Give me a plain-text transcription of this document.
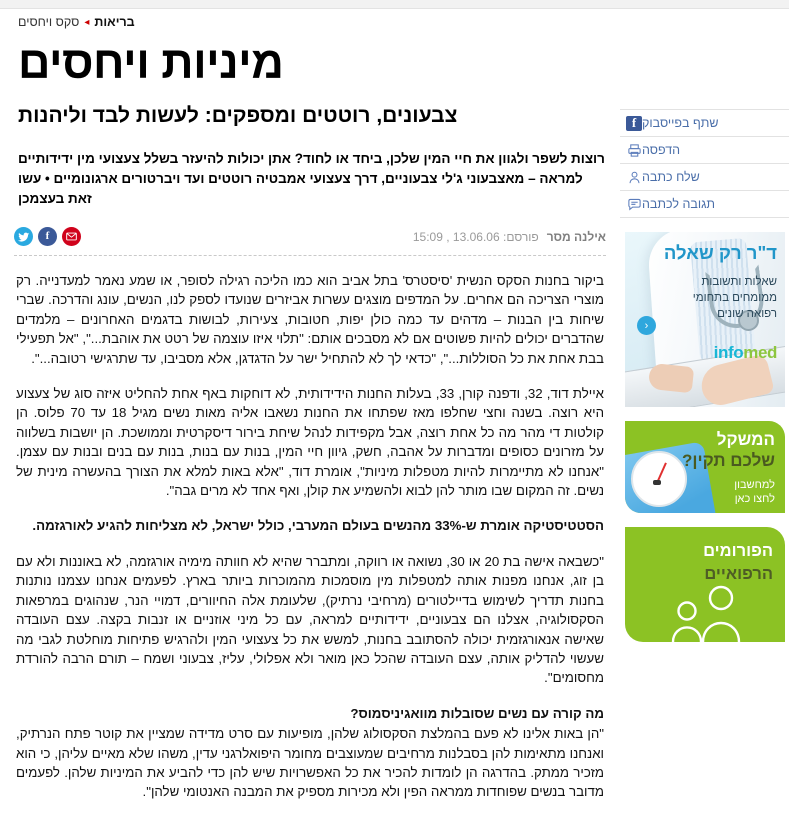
בריאות◂סקס ויחסים
מיניות ויחסים
f שתף בפייסבוק
הדפסה
שלח כתבה
תגובה לכתבה
ד"ר רק שאלה
שאלות ותשובות ממומחים בתחומי רפואה שונים
‹
infomed
המשקל
שלכם תקין?
למחשבון
לחצו כאן
הפורומים
הרפואיים
צבעונים, רוטטים ומספקים: לעשות לבד וליהנות

רוצות לשפר ולגוון את חיי המין שלכן, ביחד או לחוד? אתן יכולות להיעזר בשלל צעצועי מין ידידותיים למראה – מאצבעוני ג'לי צבעוניים, דרך צעצועי אמבטיה רוטטים ועד ויברטורים ארגונומיים • עשו זאת בעצמכן

f	אילנה מסרפורסם: 13.06.06 , 15:09

ביקור בחנות הסקס הנשית 'סיסטרס' בתל אביב הוא כמו הליכה רגילה לסופר, או שמע נאמר למעדנייה. רק מוצרי הצריכה הם אחרים. על המדפים מוצגים עשרות אביזרים שנועדו לספק לנו, הנשים, עונג והדרכה. שברי שיחות בין הבנות – מדהים עד כמה כולן יפות, חטובות, צעירות, לבושות בדגמים האחרונים – מלמדים שהדברים יכולים להיות פשוטים אם לא מסבכים אותם: "תלוי איזו עוצמה של רטט את אוהבת...", "אל תפעילי בבת אחת את כל הסוללות...", "כדאי לך לא להתחיל ישר על הדגדגן, אלא מסביבו, עד שתרגישי רטובה...".

איילת דוד, 32, ודפנה קורן, 33, בעלות החנות הידידותית, לא דוחקות באף אחת להחליט איזה סוג של צעצוע היא רוצה. בשנה וחצי שחלפו מאז שפתחו את החנות נשאבו אליה מאות נשים מגיל 18 עד 70 פלוס. הן קולטות די מהר מה כל אחת רוצה, אבל מקפידות לנהל שיחת בירור דיסקרטית וממושכת. הן יושבות בשלווה על מזרונים כסופים ומדברות על אהבה, חשק, גיוון חיי המין, בנות עם בנות, בנות עם בנים ובנות עם עצמן. "אנחנו לא מתיימרות להיות מטפלות מיניות", אומרת דוד, "אלא באות למלא את הצורך בהעשרה מינית של נשים. זה המקום שבו מותר להן לבוא ולהשמיע את קולן, ואף אחד לא מרים גבה".

הסטטיסטיקה אומרת ש-33% מהנשים בעולם המערבי, כולל ישראל, לא מצליחות להגיע לאורגזמה.

"כשבאה אישה בת 20 או 30, נשואה או רווקה, ומתברר שהיא לא חוותה מימיה אורגזמה, לא באוננות ולא עם בן זוג, אנחנו מפנות אותה למטפלות מין מוסמכות מהמוכרות ביותר בארץ. לפעמים אנחנו עצמנו נותנות בחנות תדריך לשימוש בדיילטורים (מרחיבי נרתיק), שלעומת אלה החיוורים, דמויי הנר, שנהוגים במרפאות הסקסולוגיה, אצלנו הם צבעוניים, ידידותיים למראה, עם כל מיני אוזניים או זנבות בקצה. עצם העובדה שאישה אנאורגזמית יכולה להסתובב בחנות, למשש את כל צעצועי המין ולהרגיש פתיחות מוחלטת לגבי מה שעשוי להדליק אותה, עצם העובדה שהכל כאן מואר ולא אפלולי, עליז, צבעוני ושמח – תורם הרבה להורדת מחסומים".

מה קורה עם נשים שסובלות מוואגיניסמוס?

"הן באות אלינו לא פעם בהמלצת הסקסולוג שלהן, מופיעות עם סרט מדידה שמציין את קוטר פתח הנרתיק, ואנחנו מתאימות להן בסבלנות מרחיבים שמעוצבים מחומר היפואלרגני עדין, משהו שלא מאיים עליהן, כי הוא מזכיר ממתק. בהדרגה הן לומדות להכיר את כל האפשרויות שיש להן כדי להביע את המיניות שלהן. לפעמים מדובר בנשים שפוחדות ממראה הפין ולא מכירות מספיק את המבנה האנטומי שלהן".
